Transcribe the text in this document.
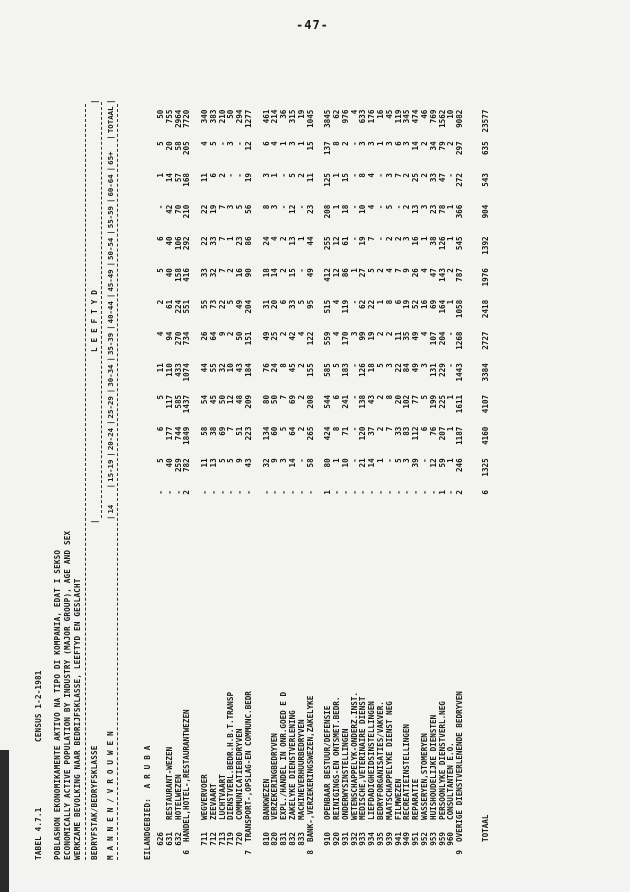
-47-
TABEL 4.7.1
CENSUS 1-2-1981 POBLASHON EKONOMIKAMENTE AKTIVO NA TIPO DI KOMPANIA, EDAT I SEKSO ECONOMICALLY ACTIVE POPULATION BY INDUSTRY (MAJOR GROUP), AGE AND SEX WERKZAME BEVOLKING NAAR BEDRIJFSKLASSE, LEEFTYD EN GESLACHT BEDRYFSTAK/BEDRYFSKLASSE
|
L E E F T Y D
|
M A N N E N / V R O U W E N
| 14
| 15-19
| 20-24
| 25-29
| 30-34
| 35-39
| 40-44
| 45-49
| 50-54
| 55-59
| 60-64
| 65+
| TOTAAL
|
EILANDGEBIED:  A R U B A 626
-
5
6
5
11
4
2
5
6
-
1
5
50
631
RESTAURANT-WEZEN
-
40
177
117
110
94
61
40
40
42
14
20
755
632
HOTELWEZEN
-
259
744
585
433
270
224
158
106
70
57
58
2964
6
HANDEL,HOTEL-,RESTAURANTWEZEN
2
782
1849
1437
1074
734
551
416
292
210
168
205
7720
711
WEGVERVOER
-
11
58
54
44
26
55
33
22
22
11
4
340
712
ZEEVAART
-
13
38
45
55
64
73
32
33
19
6
5
383
713
LUCHTVAART
-
5
69
50
32
9
22
7
7
7
2
-
210
719
DIENSTVERL.BEDR.H.B.T.TRANSP
-
5
7
12
10
2
5
2
1
3
-
3
50
720
COMMUNICATIEBEDRYVEN
-
9
51
48
43
50
49
16
23
5
-
-
294
7
TRANSPORT-,OPSLAG-EN COMMUNC.BEDR
-
43
223
209
184
151
204
90
86
56
19
12
1277
810
BANKWEZEN
-
32
134
80
76
49
31
18
24
8
3
6
461
820
VERZEKERINGBEDRYVEN
-
9
60
50
24
25
20
14
4
3
1
4
214
831
EXPL./HANDEL IN ONR.GOED E D
-
3
5
7
8
2
6
2
2
-
-
1
36
832
ZAKELYKE DIENSTVERLENING
-
14
64
69
45
42
33
15
13
12
5
3
315
833
MACHINEVERHUURBEDRYVEN
-
-
2
2
2
4
5
-
1
-
2
1
19
8
BANK-,VERZEKERINGSWEZEN,ZAKELYKE
-
58
265
208
155
122
95
49
44
23
11
15
1045
910
OPENBAAR BESTUUR/DEFENSIE
1
80
424
544
585
559
515
412
255
208
125
137
3845
920
REINIGINGS-EN ONTSMET.BEDR.
-
1
8
6
5
4
4
12
12
1
1
8
62
931
ONDERWYSINSTELLINGEN
-
10
71
241
183
170
119
86
61
18
15
2
976
932
WETENSCHAPPELYK-ONDERZ.INST.
-
-
-
-
-
3
-
1
-
-
-
-
4
933
MEDISCHE,VETERINAIRE DIENST
-
21
120
138
126
99
62
27
19
10
8
3
633
934
LIEFDADIGHEIDSINSTELLINGEN
-
14
37
43
18
19
22
5
7
4
4
3
176
935
BEDRYFORGANISATIES/VAKVER.
-
1
2
2
5
2
1
2
-
-
-
1
16
939
MAATSCHAPPELYKE DIENST NEG
-
-
7
8
3
2
8
4
2
5
3
3
45
941
FILMWEZEN
-
5
33
20
22
11
6
7
2
-
7
6
119
949
RECREATIEINSTELLINGEN
-
3
83
102
84
35
19
9
3
2
2
3
345
951
REPARATIE
-
39
112
77
49
49
52
26
16
13
25
14
474
952
WASSERYEN,STOMERYEN
-
-
6
5
3
4
16
4
1
3
2
2
46
953
HUISHOUDELIJKE DIENSTEN
-
12
76
199
131
107
69
47
38
23
33
34
769
959
PERSOONLYKE DIENSTVERL.NEG
1
59
207
225
229
204
164
143
126
78
47
79
1562
960
CONSULTANTEN E.O.
-
1
1
1
-
-
1
2
1
1
-
2
10
9
OVERIGE DIENSTVERLENENDE BEDRYVEN
2
246
1187
1611
1443
1268
1058
787
545
366
272
297
9082
TOTAAL
6
1325
4160
4107
3384
2727
2418
1976
1392
904
543
635
23577
